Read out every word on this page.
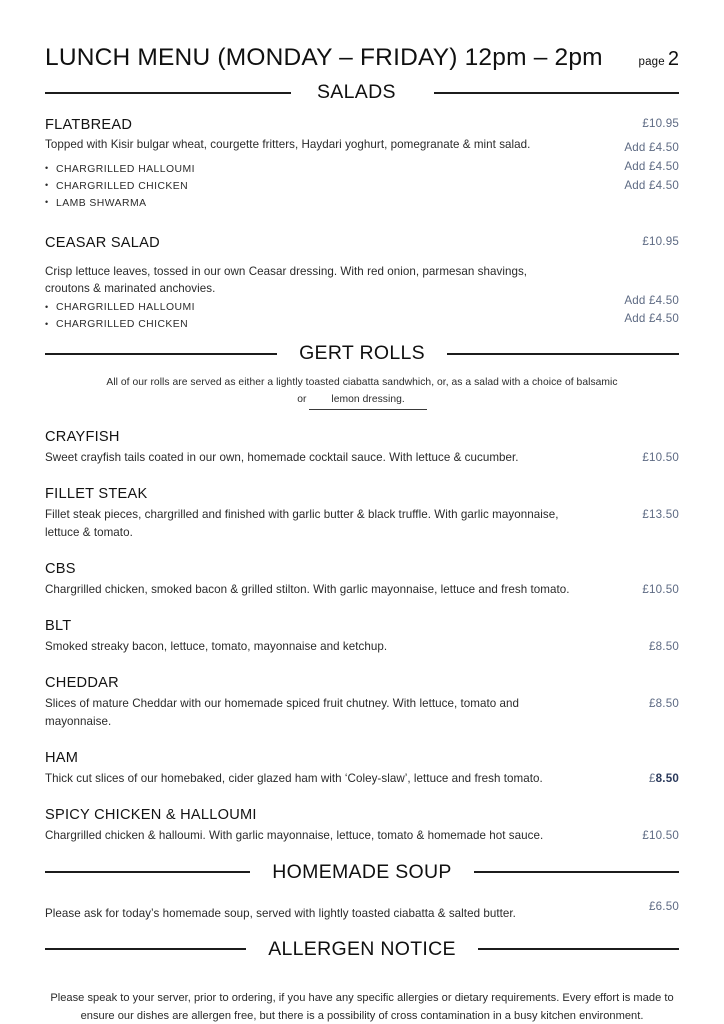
LUNCH MENU (MONDAY – FRIDAY) 12pm – 2pm	page 2
SALADS

FLATBREAD

Topped with Kisir bulgar wheat, courgette fritters, Haydari yoghurt, pomegranate & mint salad.

• CHARGRILLED HALLOUMI
• CHARGRILLED CHICKEN
• LAMB SHWARMA
£10.95
Add £4.50
Add £4.50
Add £4.50

CEASAR SALAD

Crisp lettuce leaves, tossed in our own Ceasar dressing. With red onion, parmesan shavings, croutons & marinated anchovies.

• CHARGRILLED HALLOUMI
• CHARGRILLED CHICKEN
£10.95
Add £4.50
Add £4.50
GERT ROLLS
All of our rolls are served as either a lightly toasted ciabatta sandwhich, or, as a salad with a choice of balsamic or lemon dressing.

CRAYFISH

Sweet crayfish tails coated in our own, homemade cocktail sauce. With lettuce & cucumber.	£10.50

FILLET STEAK

Fillet steak pieces, chargrilled and finished with garlic butter & black truffle. With garlic mayonnaise, lettuce & tomato.

£13.50

CBS

Chargrilled chicken, smoked bacon & grilled stilton. With garlic mayonnaise, lettuce and fresh tomato.	£10.50

BLT

Smoked streaky bacon, lettuce, tomato, mayonnaise and ketchup.	£8.50

CHEDDAR

Slices of mature Cheddar with our homemade spiced fruit chutney. With lettuce, tomato and mayonnaise.

£8.50

HAM

Thick cut slices of our homebaked, cider glazed ham with ‘Coley-slaw’, lettuce and fresh tomato.	£8.50

SPICY CHICKEN & HALLOUMI

Chargrilled chicken & halloumi. With garlic mayonnaise, lettuce, tomato & homemade hot sauce.	£10.50
HOMEMADE SOUP
Please ask for today’s homemade soup, served with lightly toasted ciabatta & salted butter.
£6.50
ALLERGEN NOTICE
Please speak to your server, prior to ordering, if you have any specific allergies or dietary requirements. Every effort is made to ensure our dishes are allergen free, but there is a possibility of cross contamination in a busy kitchen environment.
